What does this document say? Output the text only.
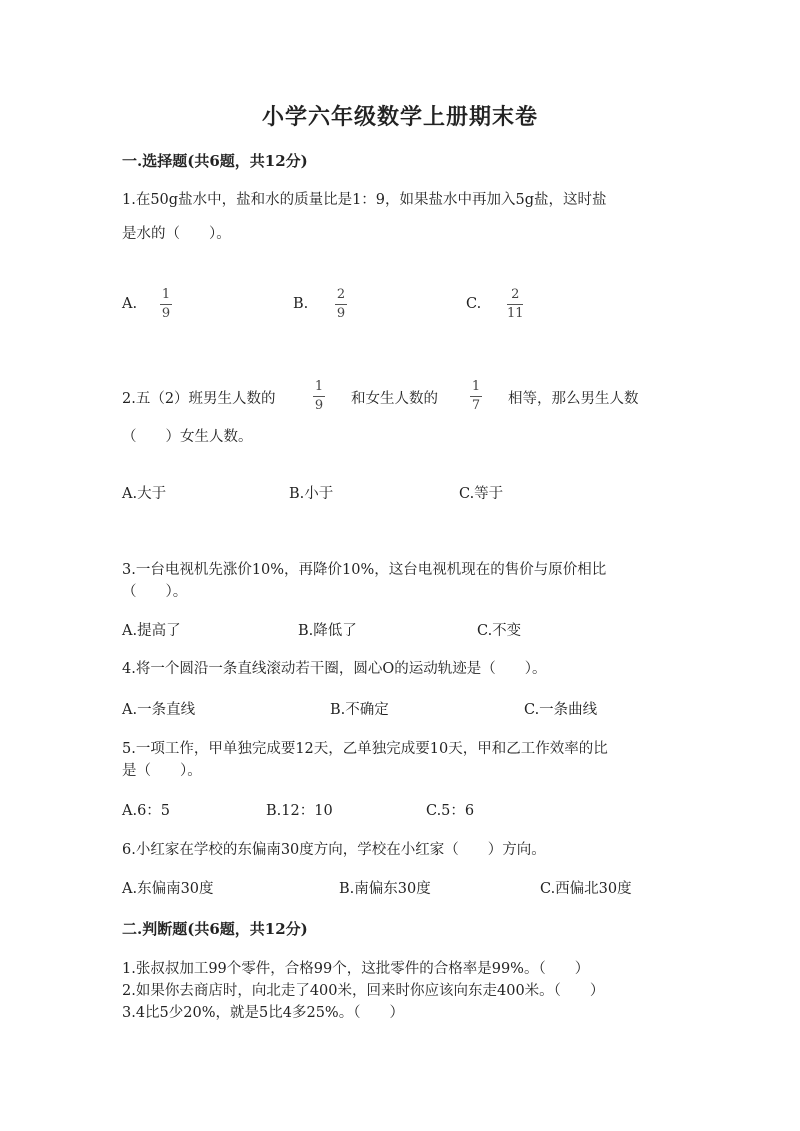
小学六年级数学上册期末卷
一.选择题(共6题，共12分)
1.在50g盐水中，盐和水的质量比是1：9，如果盐水中再加入5g盐，这时盐
是水的（　　）。
A.
1
9
B.
2
9
C.
2
11
2.五（2）班男生人数的
1
9 和女生人数的
1
7 相等，那么男生人数
（　　）女生人数。
A.大于	B.小于	C.等于
3.一台电视机先涨价10%，再降价10%，这台电视机现在的售价与原价相比
（　　）。
A.提高了	B.降低了	C.不变
4.将一个圆沿一条直线滚动若干圈，圆心O的运动轨迹是（　　）。
A.一条直线	B.不确定	C.一条曲线
5.一项工作，甲单独完成要12天，乙单独完成要10天，甲和乙工作效率的比
是（　　）。
A.6：5	B.12：10	C.5：6
6.小红家在学校的东偏南30度方向，学校在小红家（　　）方向。
A.东偏南30度	B.南偏东30度	C.西偏北30度
二.判断题(共6题，共12分)
1.张叔叔加工99个零件，合格99个，这批零件的合格率是99%。（　　）
2.如果你去商店时，向北走了400米，回来时你应该向东走400米。（　　）
3.4比5少20%，就是5比4多25%。（　　）
